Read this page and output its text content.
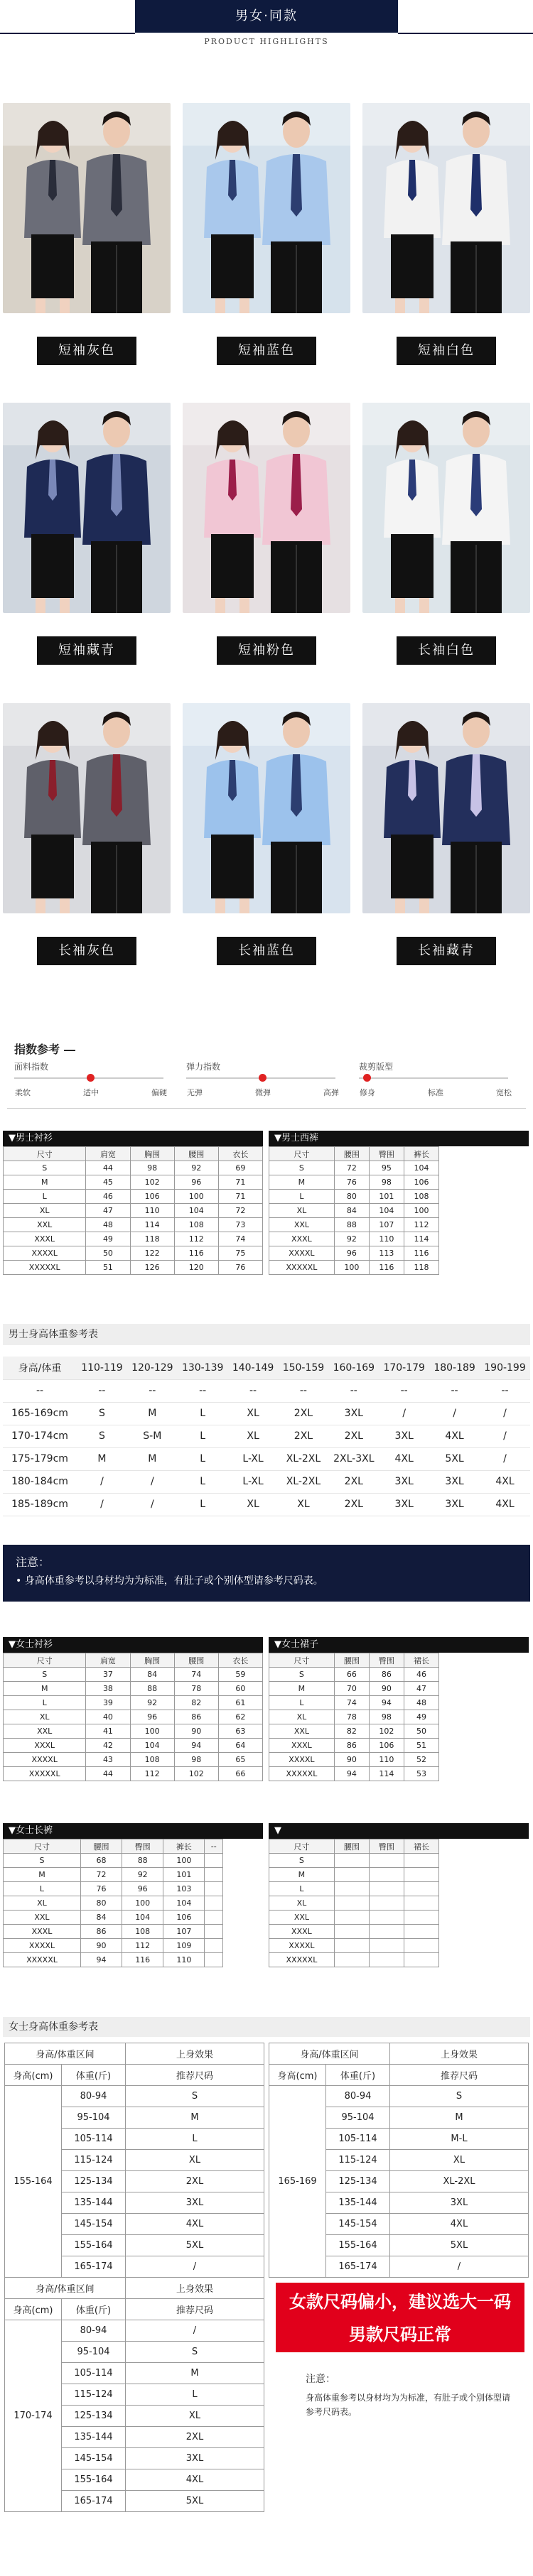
男女·同款
PRODUCT HIGHLIGHTS
短袖灰色	短袖蓝色	短袖白色
短袖藏青	短袖粉色	长袖白色
长袖灰色	长袖蓝色	长袖藏青
指数参考
面料指数
柔软	适中	偏硬
弹力指数
无弹	微弹	高弹
裁剪版型
修身	标准	宽松
▼男士衬衫
尺寸	肩宽	胸围	腰围	衣长
S	44	98	92	69
M	45	102	96	71
L	46	106	100	71
XL	47	110	104	72
XXL	48	114	108	73
XXXL	49	118	112	74
XXXXL	50	122	116	75
XXXXXL	51	126	120	76
▼男士西裤
尺寸	腰围	臀围	裤长
S	72	95	104
M	76	98	106
L	80	101	108
XL	84	104	100
XXL	88	107	112
XXXL	92	110	114
XXXXL	96	113	116
XXXXXL	100	116	118
男士身高体重参考表
身高/体重	110-119	120-129	130-139	140-149	150-159	160-169	170-179	180-189	190-199
--	--	--	--	--	--	--	--	--	--
165-169cm	S	M	L	XL	2XL	3XL	/	/	/
170-174cm	S	S-M	L	XL	2XL	2XL	3XL	4XL	/
175-179cm	M	M	L	L-XL	XL-2XL	2XL-3XL	4XL	5XL	/
180-184cm	/	/	L	L-XL	XL-2XL	2XL	3XL	3XL	4XL
185-189cm	/	/	L	XL	XL	2XL	3XL	3XL	4XL
注意：
• 身高体重参考以身材均为为标准，有肚子或个别体型请参考尺码表。
▼女士衬衫
尺寸	肩宽	胸围	腰围	衣长
S	37	84	74	59
M	38	88	78	60
L	39	92	82	61
XL	40	96	86	62
XXL	41	100	90	63
XXXL	42	104	94	64
XXXXL	43	108	98	65
XXXXXL	44	112	102	66
▼女士裙子
尺寸	腰围	臀围	裙长
S	66	86	46
M	70	90	47
L	74	94	48
XL	78	98	49
XXL	82	102	50
XXXL	86	106	51
XXXXL	90	110	52
XXXXXL	94	114	53
▼女士长裤
尺寸	腰围	臀围	裤长	--
S	68	88	100	
M	72	92	101	
L	76	96	103	
XL	80	100	104	
XXL	84	104	106	
XXXL	86	108	107	
XXXXL	90	112	109	
XXXXXL	94	116	110	
▼
尺寸	腰围	臀围	裙长
S			
M			
L			
XL			
XXL			
XXXL			
XXXXL			
XXXXXL			
女士身高体重参考表
身高/体重区间		上身效果
身高(cm)	体重(斤)	推荐尺码
155-164	80-94	S
	95-104	M
	105-114	L
	115-124	XL
	125-134	2XL
	135-144	3XL
	145-154	4XL
	155-164	5XL
	165-174	/
身高/体重区间		上身效果
身高(cm)	体重(斤)	推荐尺码
165-169	80-94	S
	95-104	M
	105-114	M-L
	115-124	XL
	125-134	XL-2XL
	135-144	3XL
	145-154	4XL
	155-164	5XL
	165-174	/
身高/体重区间		上身效果
身高(cm)	体重(斤)	推荐尺码
170-174	80-94	/
	95-104	S
	105-114	M
	115-124	L
	125-134	XL
	135-144	2XL
	145-154	3XL
	155-164	4XL
	165-174	5XL
女款尺码偏小，建议选大一码
男款尺码正常
注意：
身高体重参考以身材均为为标准，有肚子或个别体型请参考尺码表。
